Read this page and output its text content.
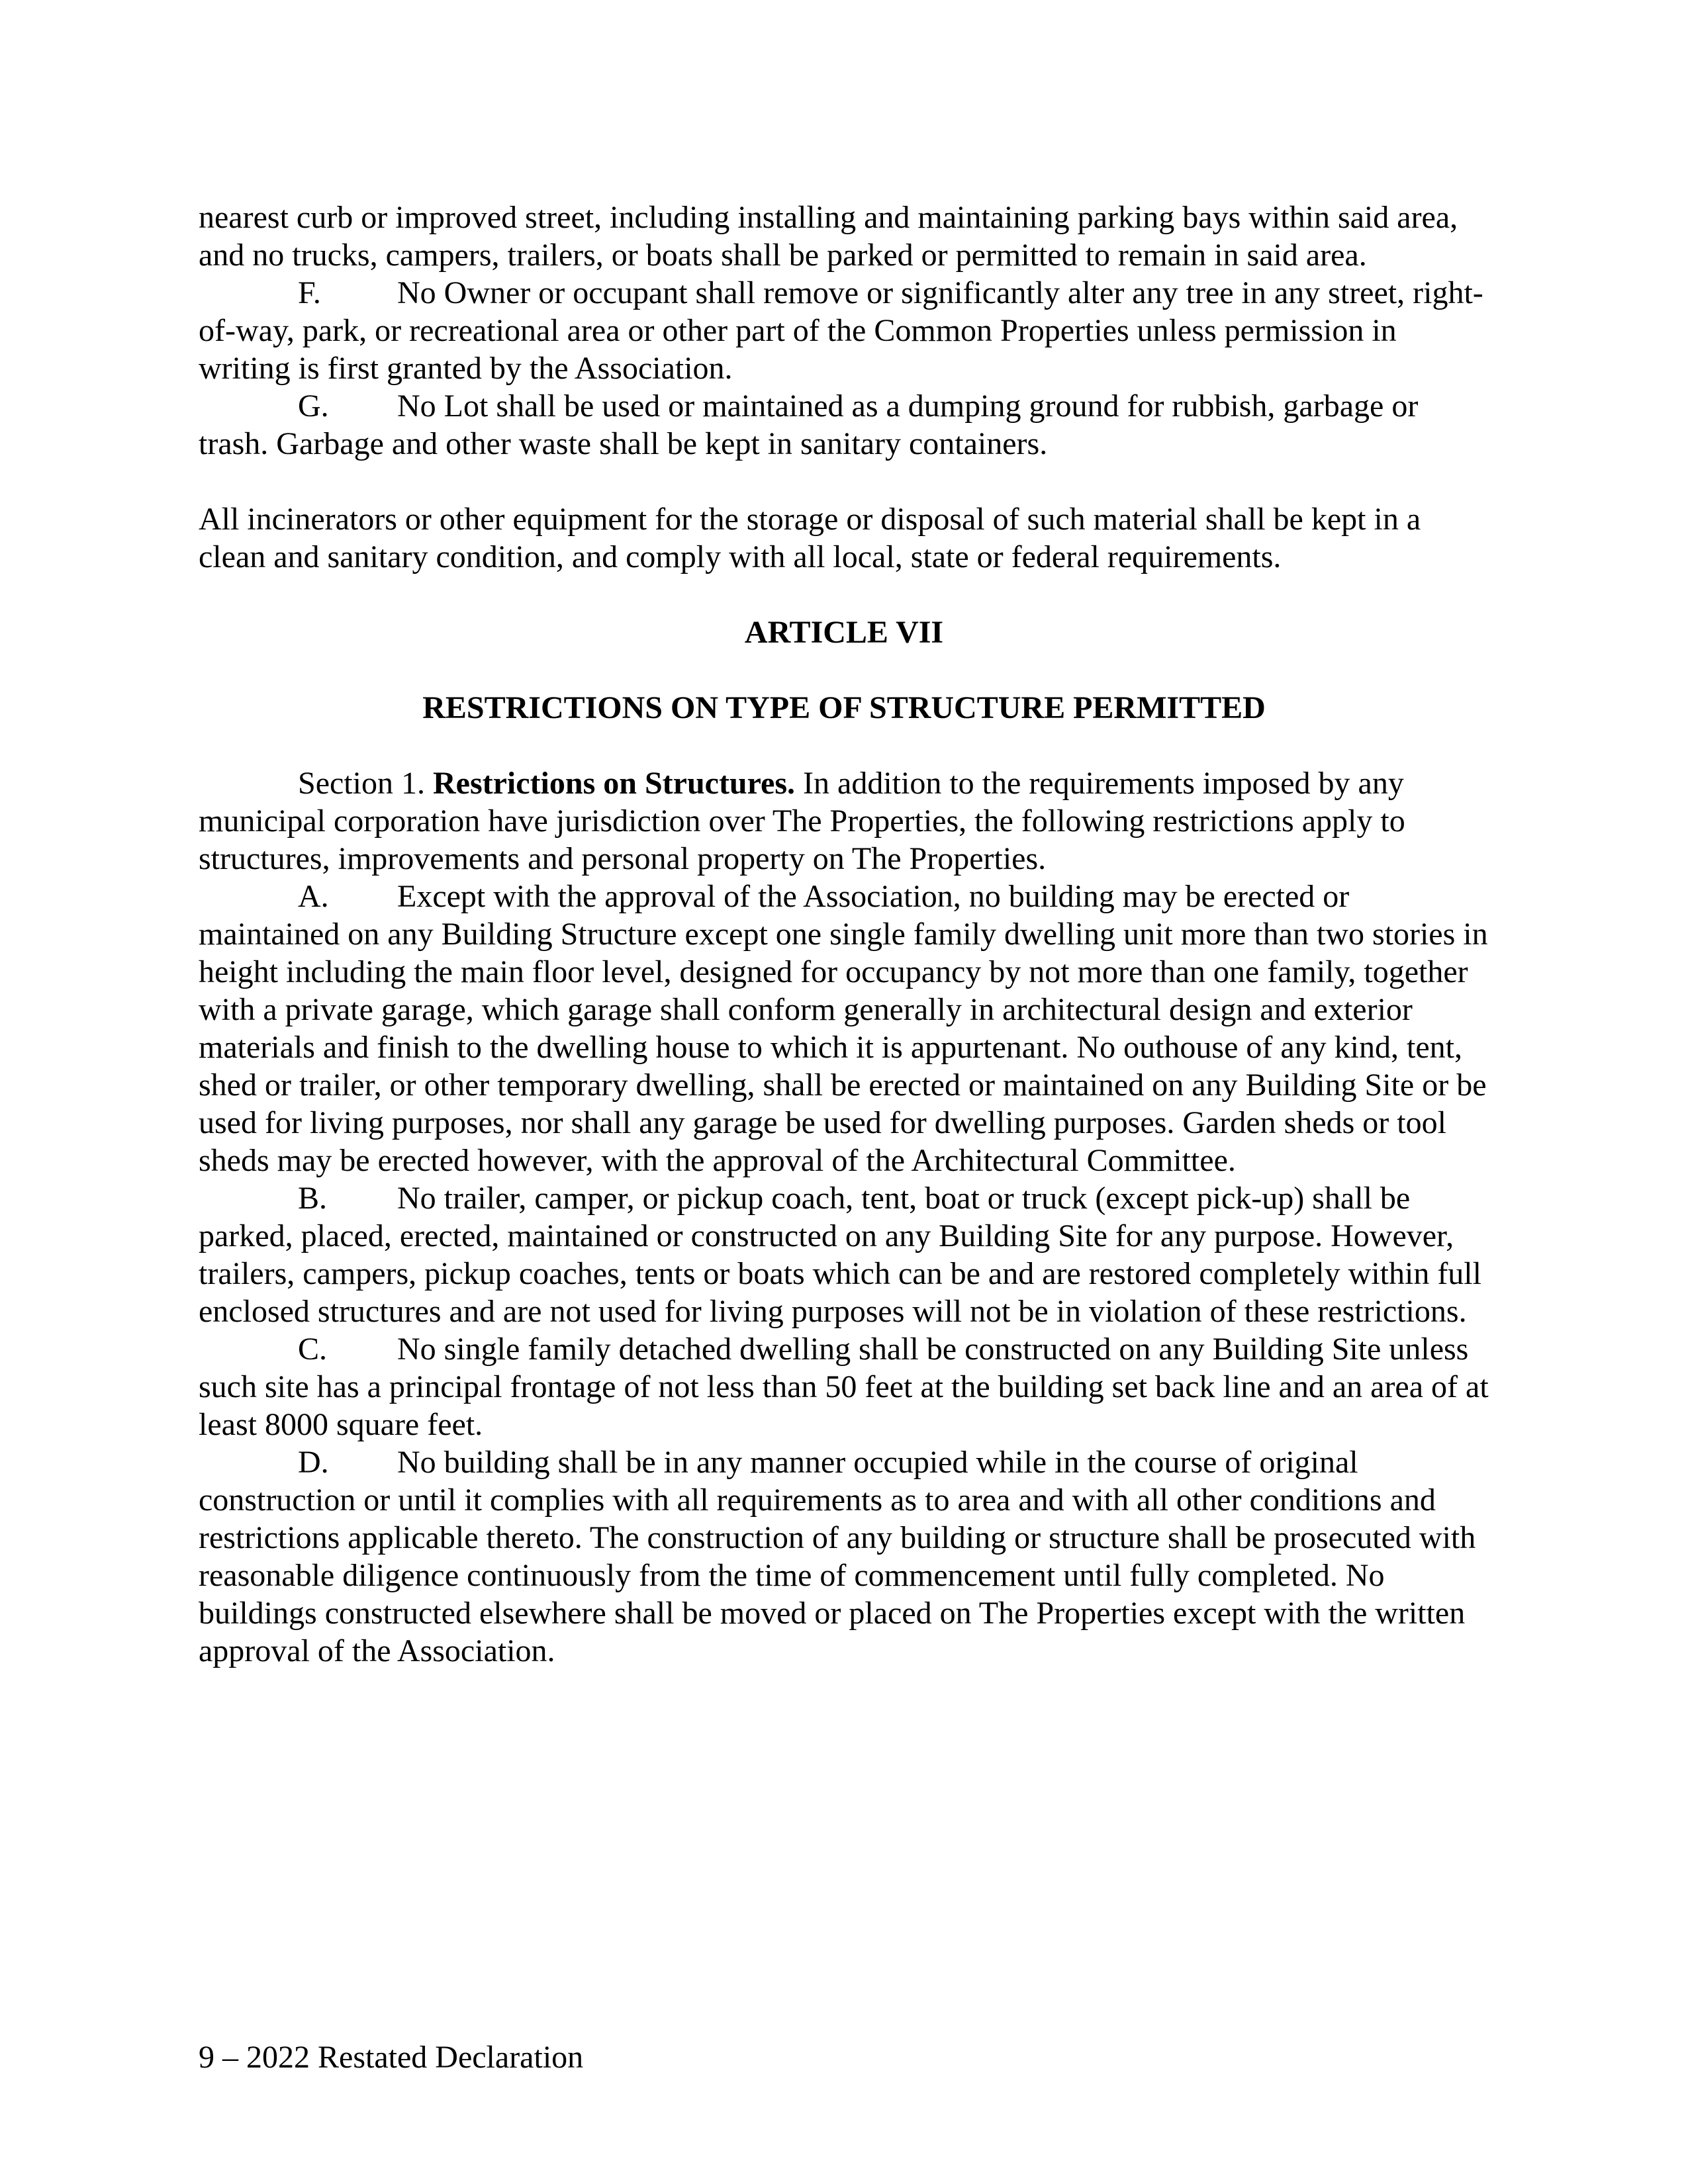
nearest curb or improved street, including installing and maintaining parking bays within said area, and no trucks, campers, trailers, or boats shall be parked or permitted to remain in said area.

F. No Owner or occupant shall remove or significantly alter any tree in any street, right-of-way, park, or recreational area or other part of the Common Properties unless permission in writing is first granted by the Association.

G. No Lot shall be used or maintained as a dumping ground for rubbish, garbage or trash. Garbage and other waste shall be kept in sanitary containers.

All incinerators or other equipment for the storage or disposal of such material shall be kept in a clean and sanitary condition, and comply with all local, state or federal requirements.

ARTICLE VII

RESTRICTIONS ON TYPE OF STRUCTURE PERMITTED

Section 1. Restrictions on Structures. In addition to the requirements imposed by any municipal corporation have jurisdiction over The Properties, the following restrictions apply to structures, improvements and personal property on The Properties.

A. Except with the approval of the Association, no building may be erected or maintained on any Building Structure except one single family dwelling unit more than two stories in height including the main floor level, designed for occupancy by not more than one family, together with a private garage, which garage shall conform generally in architectural design and exterior materials and finish to the dwelling house to which it is appurtenant. No outhouse of any kind, tent, shed or trailer, or other temporary dwelling, shall be erected or maintained on any Building Site or be used for living purposes, nor shall any garage be used for dwelling purposes. Garden sheds or tool sheds may be erected however, with the approval of the Architectural Committee.

B. No trailer, camper, or pickup coach, tent, boat or truck (except pick-up) shall be parked, placed, erected, maintained or constructed on any Building Site for any purpose. However, trailers, campers, pickup coaches, tents or boats which can be and are restored completely within full enclosed structures and are not used for living purposes will not be in violation of these restrictions.

C. No single family detached dwelling shall be constructed on any Building Site unless such site has a principal frontage of not less than 50 feet at the building set back line and an area of at least 8000 square feet.

D. No building shall be in any manner occupied while in the course of original construction or until it complies with all requirements as to area and with all other conditions and restrictions applicable thereto. The construction of any building or structure shall be prosecuted with reasonable diligence continuously from the time of commencement until fully completed. No buildings constructed elsewhere shall be moved or placed on The Properties except with the written approval of the Association.

9 – 2022 Restated Declaration
